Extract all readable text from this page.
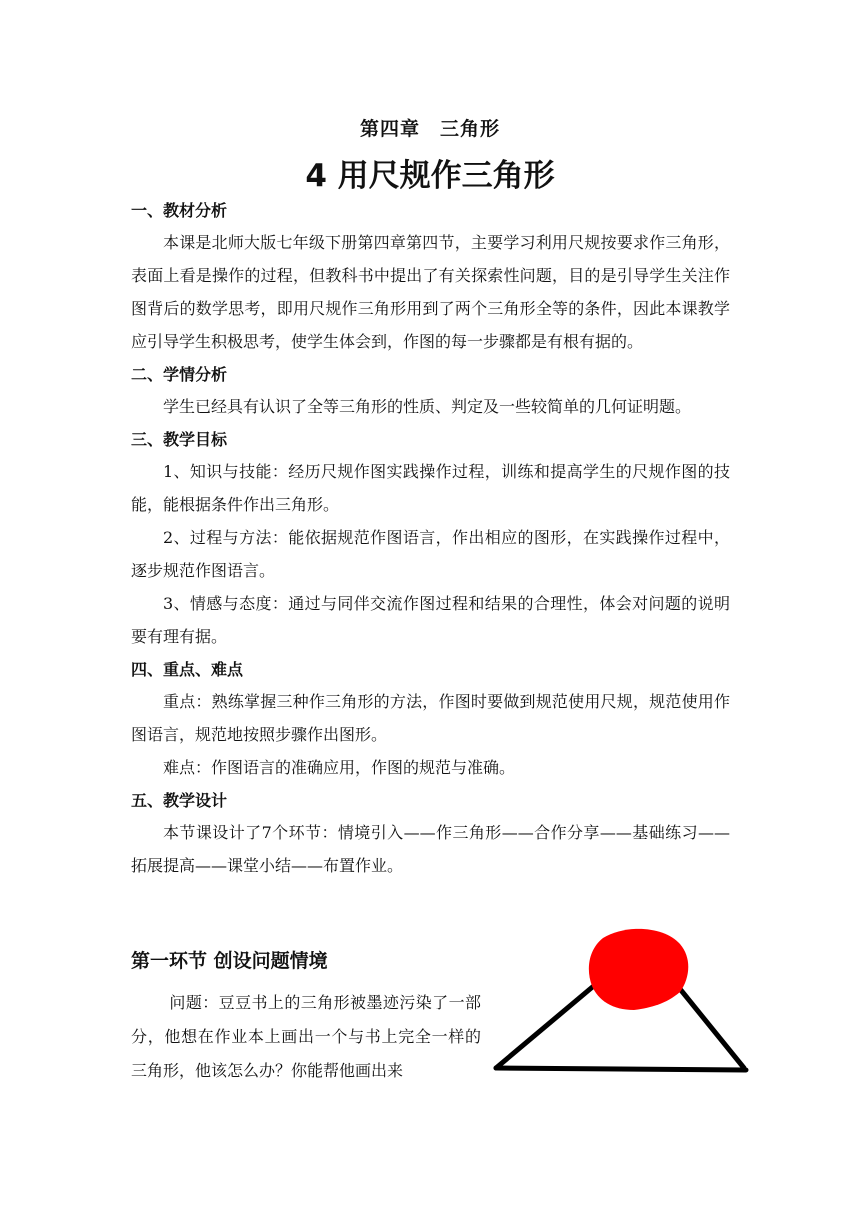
第四章　三角形
4 用尺规作三角形
一、教材分析

本课是北师大版七年级下册第四章第四节，主要学习利用尺规按要求作三角形，表面上看是操作的过程，但教科书中提出了有关探索性问题，目的是引导学生关注作图背后的数学思考，即用尺规作三角形用到了两个三角形全等的条件，因此本课教学应引导学生积极思考，使学生体会到，作图的每一步骤都是有根有据的。

二、学情分析

学生已经具有认识了全等三角形的性质、判定及一些较简单的几何证明题。

三、教学目标

1、知识与技能：经历尺规作图实践操作过程，训练和提高学生的尺规作图的技能，能根据条件作出三角形。

2、过程与方法：能依据规范作图语言，作出相应的图形，在实践操作过程中，逐步规范作图语言。

3、情感与态度：通过与同伴交流作图过程和结果的合理性，体会对问题的说明要有理有据。

四、重点、难点

重点：熟练掌握三种作三角形的方法，作图时要做到规范使用尺规，规范使用作图语言，规范地按照步骤作出图形。

难点：作图语言的准确应用，作图的规范与准确。

五、教学设计

本节课设计了7个环节：情境引入——作三角形——合作分享——基础练习——拓展提高——课堂小结——布置作业。

第一环节 创设问题情境

问题：豆豆书上的三角形被墨迹污染了一部分，他想在作业本上画出一个与书上完全一样的三角形，他该怎么办？你能帮他画出来
